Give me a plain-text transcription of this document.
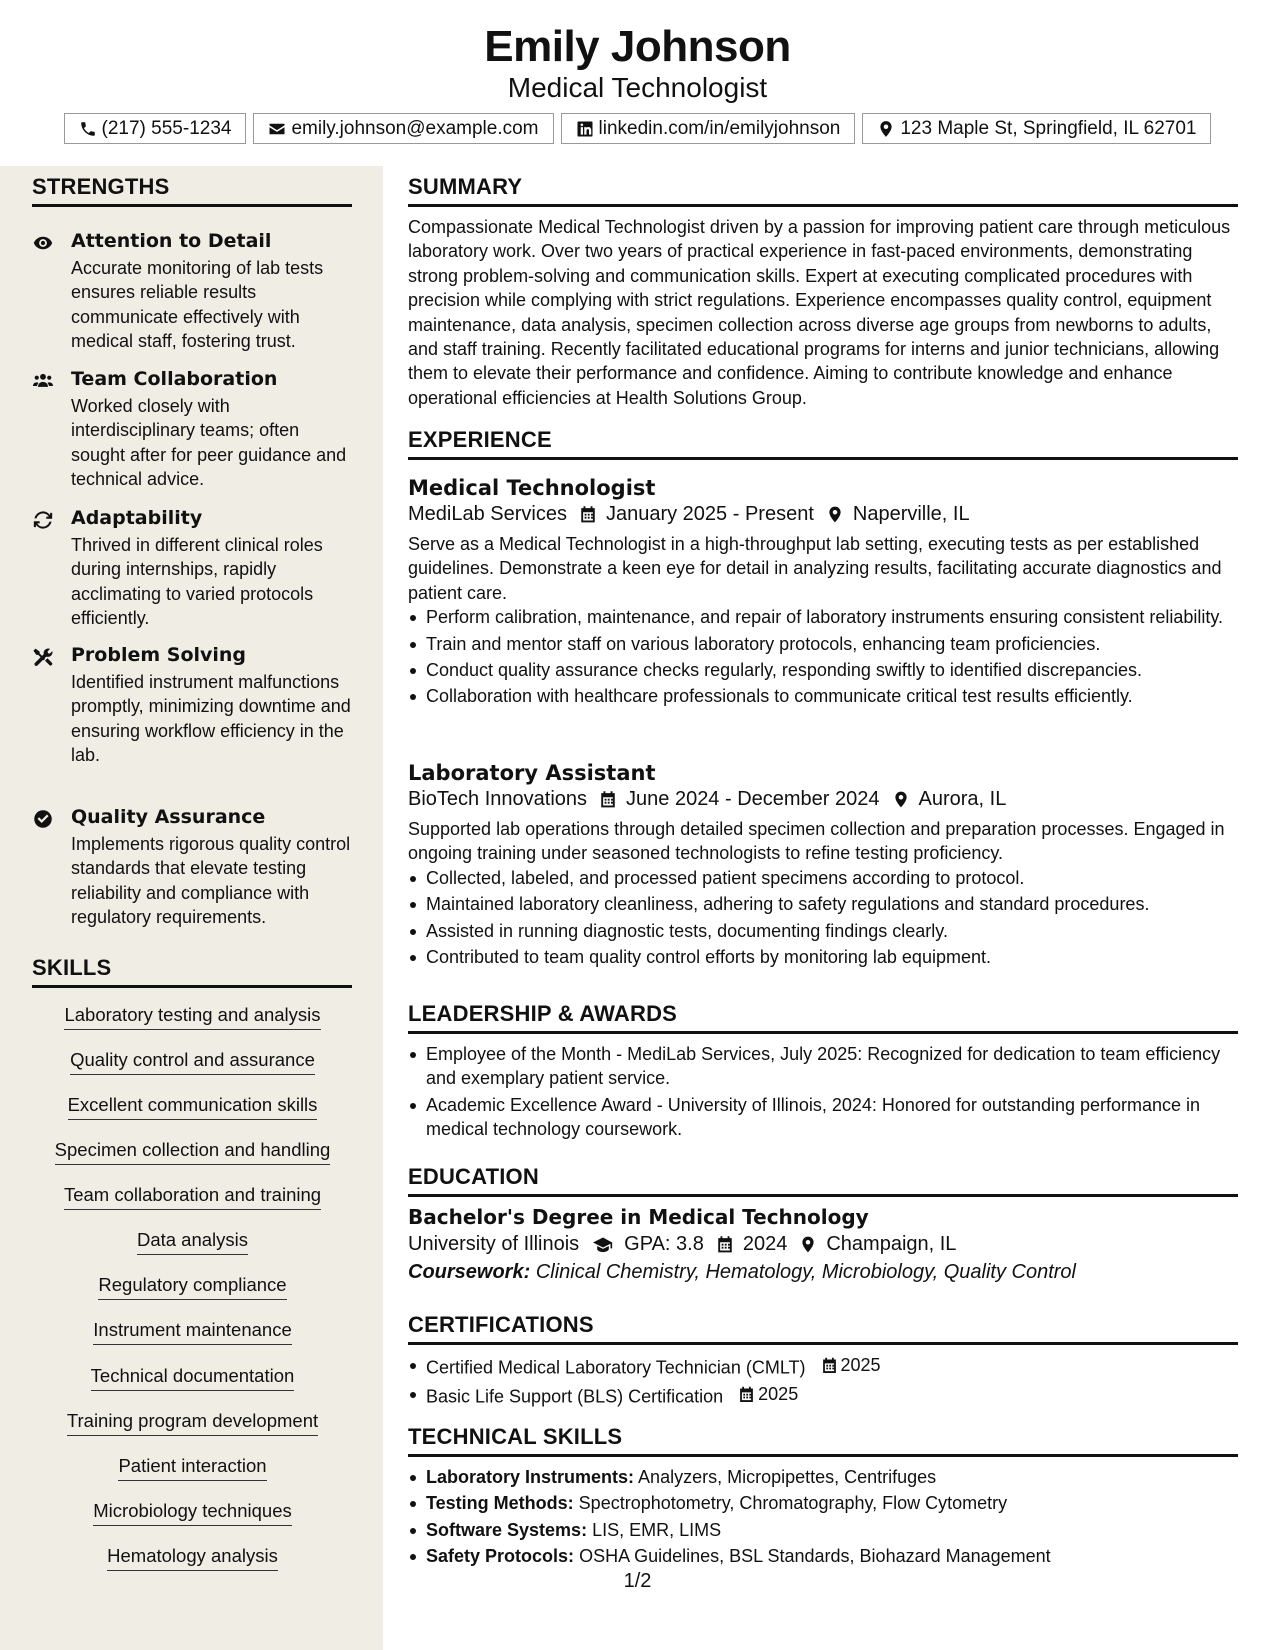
Emily Johnson
Medical Technologist
(217) 555-1234	emily.johnson@example.com	linkedin.com/in/emilyjohnson	123 Maple St, Springfield, IL 62701
STRENGTHS
Attention to Detail
Accurate monitoring of lab tests ensures reliable results communicate effectively with medical staff, fostering trust.
Team Collaboration
Worked closely with interdisciplinary teams; often sought after for peer guidance and technical advice.
Adaptability
Thrived in different clinical roles during internships, rapidly acclimating to varied protocols efficiently.
Problem Solving
Identified instrument malfunctions promptly, minimizing downtime and ensuring workflow efficiency in the lab.
Quality Assurance
Implements rigorous quality control standards that elevate testing reliability and compliance with regulatory requirements.
SKILLS
Laboratory testing and analysis
Quality control and assurance
Excellent communication skills
Specimen collection and handling
Team collaboration and training
Data analysis
Regulatory compliance
Instrument maintenance
Technical documentation
Training program development
Patient interaction
Microbiology techniques
Hematology analysis
SUMMARY
Compassionate Medical Technologist driven by a passion for improving patient care through meticulous laboratory work. Over two years of practical experience in fast-paced environments, demonstrating strong problem-solving and communication skills. Expert at executing complicated procedures with precision while complying with strict regulations. Experience encompasses quality control, equipment maintenance, data analysis, specimen collection across diverse age groups from newborns to adults, and staff training. Recently facilitated educational programs for interns and junior technicians, allowing them to elevate their performance and confidence. Aiming to contribute knowledge and enhance operational efficiencies at Health Solutions Group.
EXPERIENCE
Medical Technologist
MediLab Services January 2025 - Present Naperville, IL
Serve as a Medical Technologist in a high-throughput lab setting, executing tests as per established guidelines. Demonstrate a keen eye for detail in analyzing results, facilitating accurate diagnostics and patient care.
Perform calibration, maintenance, and repair of laboratory instruments ensuring consistent reliability.
Train and mentor staff on various laboratory protocols, enhancing team proficiencies.
Conduct quality assurance checks regularly, responding swiftly to identified discrepancies.
Collaboration with healthcare professionals to communicate critical test results efficiently.
Laboratory Assistant
BioTech Innovations June 2024 - December 2024 Aurora, IL
Supported lab operations through detailed specimen collection and preparation processes. Engaged in ongoing training under seasoned technologists to refine testing proficiency.
Collected, labeled, and processed patient specimens according to protocol.
Maintained laboratory cleanliness, adhering to safety regulations and standard procedures.
Assisted in running diagnostic tests, documenting findings clearly.
Contributed to team quality control efforts by monitoring lab equipment.
LEADERSHIP & AWARDS
Employee of the Month - MediLab Services, July 2025: Recognized for dedication to team efficiency and exemplary patient service.
Academic Excellence Award - University of Illinois, 2024: Honored for outstanding performance in medical technology coursework.
EDUCATION
Bachelor's Degree in Medical Technology
University of Illinois GPA: 3.8 2024 Champaign, IL
Coursework: Clinical Chemistry, Hematology, Microbiology, Quality Control
CERTIFICATIONS
Certified Medical Laboratory Technician (CMLT) 2025
Basic Life Support (BLS) Certification 2025
TECHNICAL SKILLS
Laboratory Instruments: Analyzers, Micropipettes, Centrifuges
Testing Methods: Spectrophotometry, Chromatography, Flow Cytometry
Software Systems: LIS, EMR, LIMS
Safety Protocols: OSHA Guidelines, BSL Standards, Biohazard Management
1/2
